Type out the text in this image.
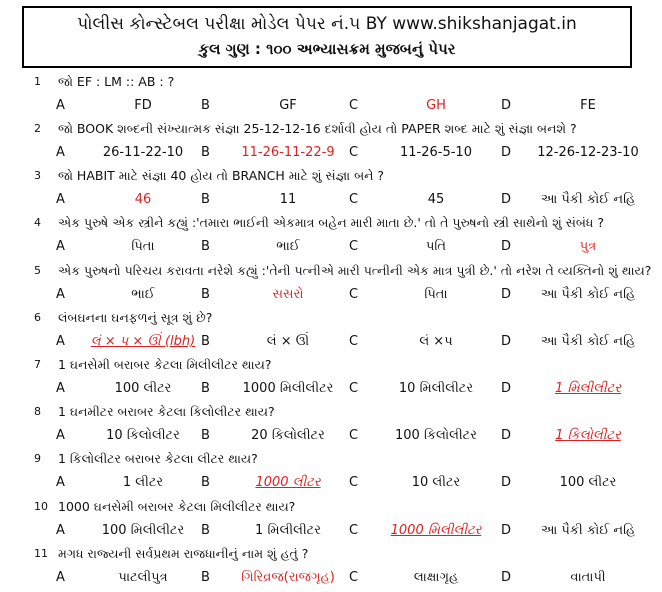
પોલીસ કોન્સ્ટેબલ પરીક્ષા મોડેલ પેપર નં.૫ BY www.shikshanjagat.in
કુલ ગુણ : ૧૦૦ અભ્યાસક્રમ મુજબનું પેપર
1 જો EF : LM :: AB : ?
A	FD	B	GF	C	GH	D	FE
2 જો BOOK શબ્દની સંખ્યાત્મક સંજ્ઞા 25-12-12-16 દર્શાવી હોય તો PAPER શબ્દ માટે શું સંજ્ઞા બનશે ?
A	26-11-22-10	B	11-26-11-22-9	C	11-26-5-10	D	12-26-12-23-10
3 જો HABIT માટે સંજ્ઞા 40 હોય તો BRANCH માટે શું સંજ્ઞા બને ?
A	46	B	11	C	45	D	આ પૈકી કોઈ નહિ
4 એક પુરુષે એક સ્ત્રીને કહ્યું :'તમારા ભાઈની એકમાત્ર બહેન મારી માતા છે.' તો તે પુરુષનો સ્ત્રી સાથેનો શું સંબંધ ?
A	પિતા	B	ભાઈ	C	પતિ	D	પુત્ર
5 એક પુરુષનો પરિચય કરાવતા નરેશે કહ્યું :'તેની પત્નીએ મારી પત્નીની એક માત્ર પુત્રી છે.' તો નરેશ તે વ્યક્તિનો શું થાય?
A	ભાઈ	B	સસરો	C	પિતા	D	આ પૈકી કોઈ નહિ
6 લંબઘનના ઘનફળનું સૂત્ર શું છે?
A	લં × પ × ઊં (lbh) B	લં × ઊં	C	લં ×પ	D	આ પૈકી કોઈ નહિ
7 1 ઘનસેમી બરાબર કેટલા મિલીલીટર થાય?
A	100 લીટર	B	1000 મિલીલીટર	C	10 મિલીલીટર	D	1 મિલીલીટર
8 1 ઘનમીટર બરાબર કેટલા કિલોલીટર થાય?
A	10 કિલોલીટર	B	20 કિલોલીટર	C	100 કિલોલીટર	D	1 કિલોલીટર
9 1 કિલોલીટર બરાબર કેટલા લીટર થાય?
A	1 લીટર	B	1000 લીટર	C	10 લીટર	D	100 લીટર
10 1000 ઘનસેમી બરાબર કેટલા મિલીલીટર થાય?
A	100 મિલીલીટર	B	1 મિલીલીટર	C	1000 મિલીલીટર	D	આ પૈકી કોઈ નહિ
11 મગધ રાજ્યની સર્વપ્રથમ રાજધાનીનું નામ શું હતું ?
A	પાટલીપુત્ર	B	ગિરિવ્રજ(રાજગૃહ)	C	લાક્ષાગૃહ	D	વાતાપી
